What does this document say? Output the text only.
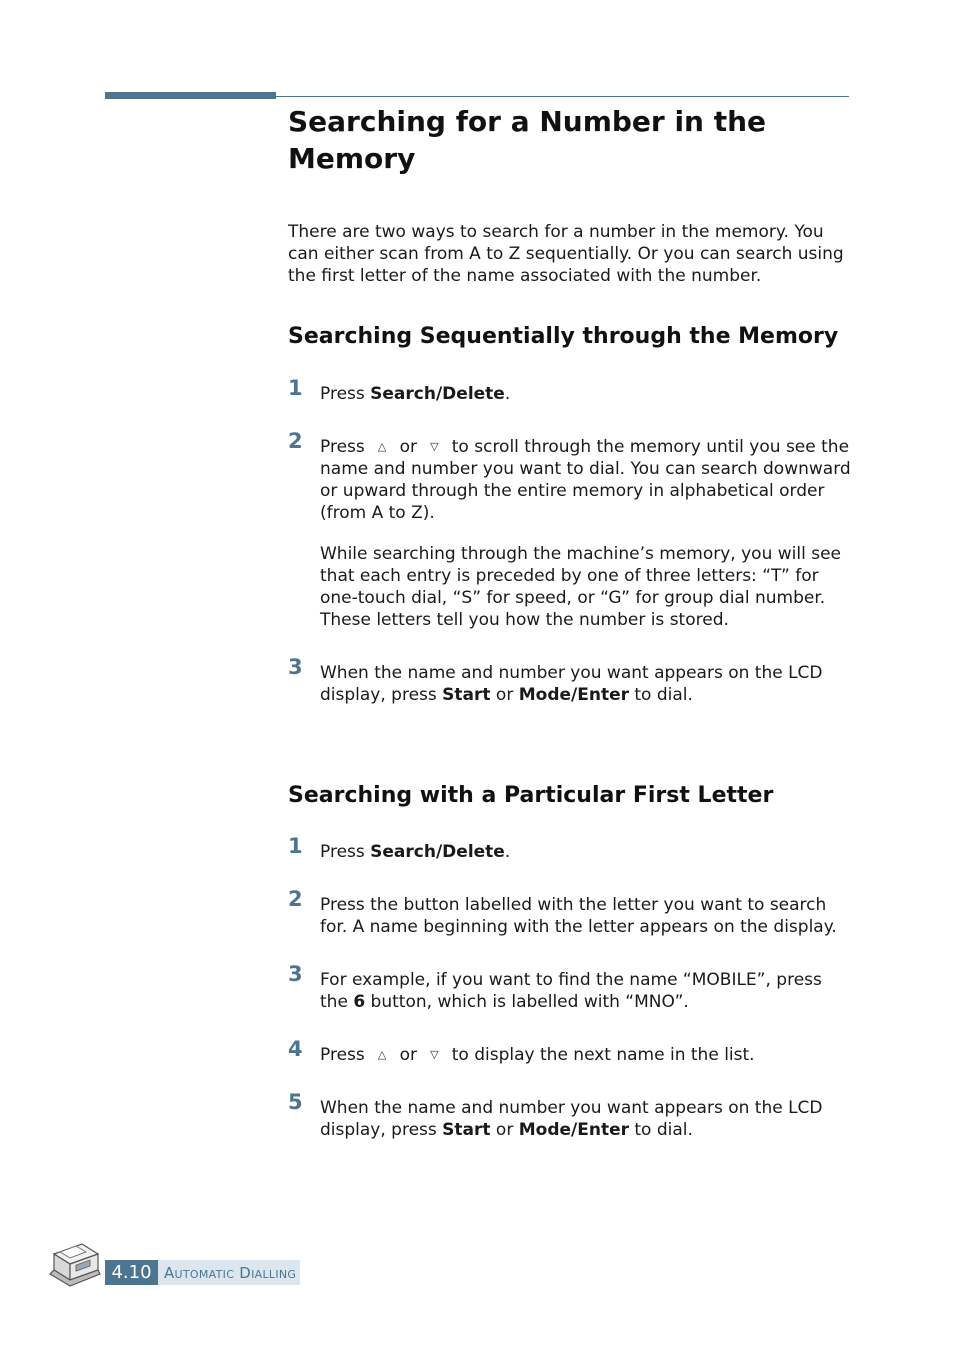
Searching for a Number in the Memory

There are two ways to search for a number in the memory. You can either scan from A to Z sequentially. Or you can search using the first letter of the name associated with the number.

Searching Sequentially through the Memory
1 Press Search/Delete.

2 Press △ or ▽ to scroll through the memory until you see the name and number you want to dial. You can search downward or upward through the entire memory in alphabetical order (from A to Z).

While searching through the machine’s memory, you will see that each entry is preceded by one of three letters: “T” for one-touch dial, “S” for speed, or “G” for group dial number. These letters tell you how the number is stored.

3 When the name and number you want appears on the LCD display, press Start or Mode/Enter to dial.

Searching with a Particular First Letter
1 Press Search/Delete.

2 Press the button labelled with the letter you want to search for. A name beginning with the letter appears on the display.

3 For example, if you want to find the name “MOBILE”, press the 6 button, which is labelled with “MNO”.

4 Press △ or ▽ to display the next name in the list.

5 When the name and number you want appears on the LCD display, press Start or Mode/Enter to dial.

4.10 Automatic Dialling
